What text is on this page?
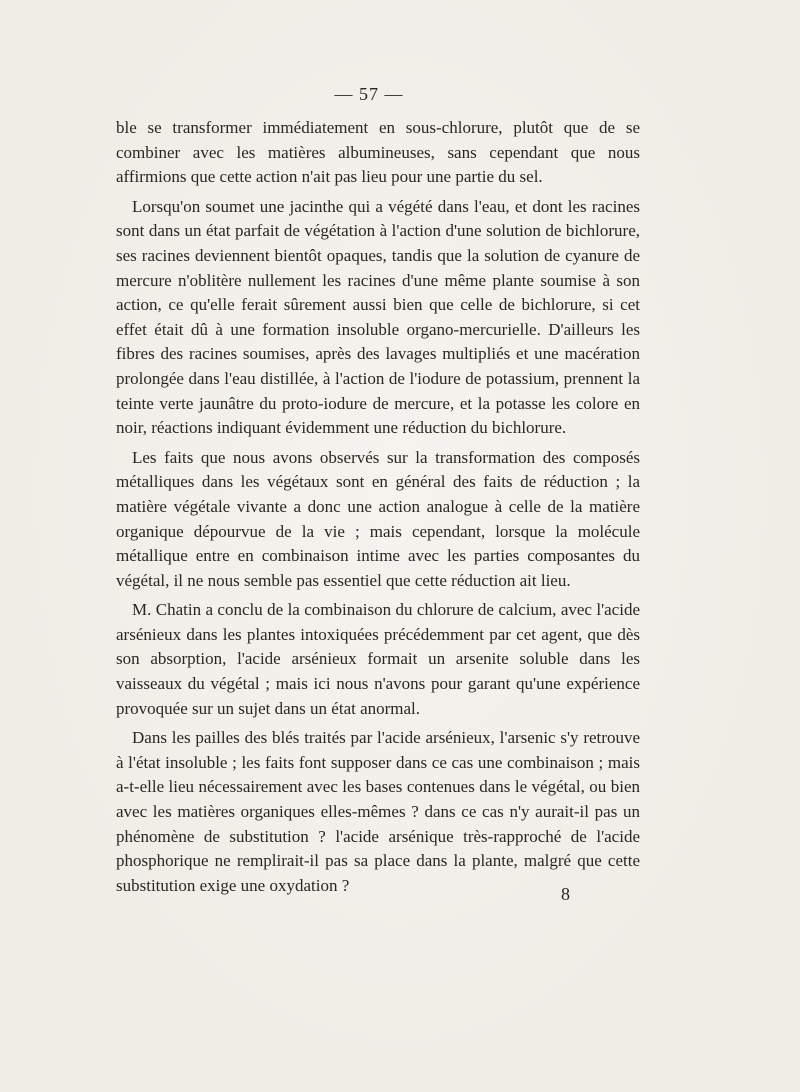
— 57 —

ble se transformer immédiatement en sous-chlorure, plutôt que de se combiner avec les matières albumineuses, sans cependant que nous affirmions que cette action n'ait pas lieu pour une partie du sel.

Lorsqu'on soumet une jacinthe qui a végété dans l'eau, et dont les racines sont dans un état parfait de végétation à l'action d'une solution de bichlorure, ses racines deviennent bientôt opaques, tandis que la solution de cyanure de mercure n'oblitère nullement les racines d'une même plante soumise à son action, ce qu'elle ferait sûrement aussi bien que celle de bichlorure, si cet effet était dû à une formation insoluble organo-mercurielle. D'ailleurs les fibres des racines soumises, après des lavages multipliés et une macération prolongée dans l'eau distillée, à l'action de l'iodure de potassium, prennent la teinte verte jaunâtre du proto-iodure de mercure, et la potasse les colore en noir, réactions indiquant évidemment une réduction du bichlorure.

Les faits que nous avons observés sur la transformation des composés métalliques dans les végétaux sont en général des faits de réduction ; la matière végétale vivante a donc une action analogue à celle de la matière organique dépourvue de la vie ; mais cependant, lorsque la molécule métallique entre en combinaison intime avec les parties composantes du végétal, il ne nous semble pas essentiel que cette réduction ait lieu.

M. Chatin a conclu de la combinaison du chlorure de calcium, avec l'acide arsénieux dans les plantes intoxiquées précédemment par cet agent, que dès son absorption, l'acide arsénieux formait un arsenite soluble dans les vaisseaux du végétal ; mais ici nous n'avons pour garant qu'une expérience provoquée sur un sujet dans un état anormal.

Dans les pailles des blés traités par l'acide arsénieux, l'arsenic s'y retrouve à l'état insoluble ; les faits font supposer dans ce cas une combinaison ; mais a-t-elle lieu nécessairement avec les bases contenues dans le végétal, ou bien avec les matières organiques elles-mêmes ? dans ce cas n'y aurait-il pas un phénomène de substitution ? l'acide arsénique très-rapproché de l'acide phosphorique ne remplirait-il pas sa place dans la plante, malgré que cette substitution exige une oxydation ?	8
